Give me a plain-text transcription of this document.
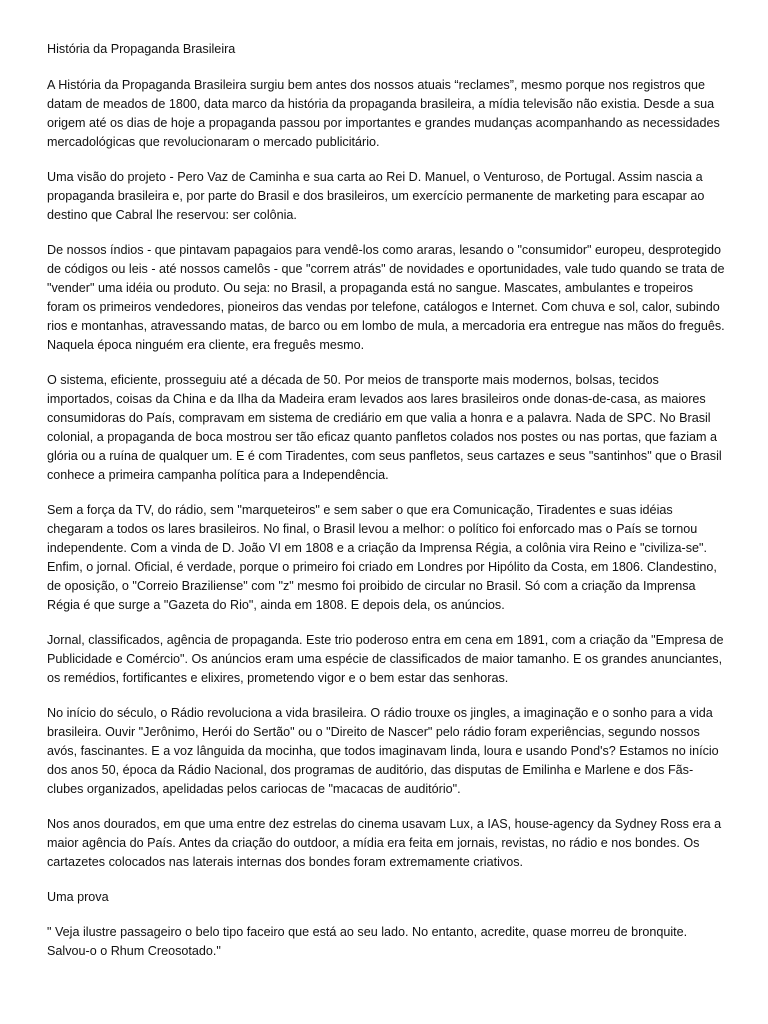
História da Propaganda Brasileira

A História da Propaganda Brasileira surgiu bem antes dos nossos atuais “reclames”, mesmo porque nos registros que datam de meados de 1800, data marco da história da propaganda brasileira, a mídia televisão não existia. Desde a sua origem até os dias de hoje a propaganda passou por importantes e grandes mudanças acompanhando as necessidades mercadológicas que revolucionaram o mercado publicitário.

Uma visão do projeto - Pero Vaz de Caminha e sua carta ao Rei D. Manuel, o Venturoso, de Portugal. Assim nascia a propaganda brasileira e, por parte do Brasil e dos brasileiros, um exercício permanente de marketing para escapar ao destino que Cabral lhe reservou: ser colônia.

De nossos índios - que pintavam papagaios para vendê-los como araras, lesando o "consumidor" europeu, desprotegido de códigos ou leis - até nossos camelôs - que "correm atrás" de novidades e oportunidades, vale tudo quando se trata de "vender" uma idéia ou produto. Ou seja: no Brasil, a propaganda está no sangue. Mascates, ambulantes e tropeiros foram os primeiros vendedores, pioneiros das vendas por telefone, catálogos e Internet. Com chuva e sol, calor, subindo rios e montanhas, atravessando matas, de barco ou em lombo de mula, a mercadoria era entregue nas mãos do freguês. Naquela época ninguém era cliente, era freguês mesmo.

O sistema, eficiente, prosseguiu até a década de 50. Por meios de transporte mais modernos, bolsas, tecidos importados, coisas da China e da Ilha da Madeira eram levados aos lares brasileiros onde donas-de-casa, as maiores consumidoras do País, compravam em sistema de crediário em que valia a honra e a palavra. Nada de SPC. No Brasil colonial, a propaganda de boca mostrou ser tão eficaz quanto panfletos colados nos postes ou nas portas, que faziam a glória ou a ruína de qualquer um. E é com Tiradentes, com seus panfletos, seus cartazes e seus "santinhos" que o Brasil conhece a primeira campanha política para a Independência.

Sem a força da TV, do rádio, sem "marqueteiros" e sem saber o que era Comunicação, Tiradentes e suas idéias chegaram a todos os lares brasileiros. No final, o Brasil levou a melhor: o político foi enforcado mas o País se tornou independente. Com a vinda de D. João VI em 1808 e a criação da Imprensa Régia, a colônia vira Reino e "civiliza-se". Enfim, o jornal. Oficial, é verdade, porque o primeiro foi criado em Londres por Hipólito da Costa, em 1806. Clandestino, de oposição, o "Correio Braziliense" com "z" mesmo foi proibido de circular no Brasil. Só com a criação da Imprensa Régia é que surge a "Gazeta do Rio", ainda em 1808. E depois dela, os anúncios.

Jornal, classificados, agência de propaganda. Este trio poderoso entra em cena em 1891, com a criação da "Empresa de Publicidade e Comércio". Os anúncios eram uma espécie de classificados de maior tamanho. E os grandes anunciantes, os remédios, fortificantes e elixires, prometendo vigor e o bem estar das senhoras.

No início do século, o Rádio revoluciona a vida brasileira. O rádio trouxe os jingles, a imaginação e o sonho para a vida brasileira. Ouvir "Jerônimo, Herói do Sertão" ou o "Direito de Nascer" pelo rádio foram experiências, segundo nossos avós, fascinantes. E a voz lânguida da mocinha, que todos imaginavam linda, loura e usando Pond's? Estamos no início dos anos 50, época da Rádio Nacional, dos programas de auditório, das disputas de Emilinha e Marlene e dos Fãs-clubes organizados, apelidadas pelos cariocas de "macacas de auditório".

Nos anos dourados, em que uma entre dez estrelas do cinema usavam Lux, a IAS, house-agency da Sydney Ross era a maior agência do País. Antes da criação do outdoor, a mídia era feita em jornais, revistas, no rádio e nos bondes. Os cartazetes colocados nas laterais internas dos bondes foram extremamente criativos.

Uma prova

" Veja ilustre passageiro o belo tipo faceiro que está ao seu lado. No entanto, acredite, quase morreu de bronquite. Salvou-o o Rhum Creosotado."
